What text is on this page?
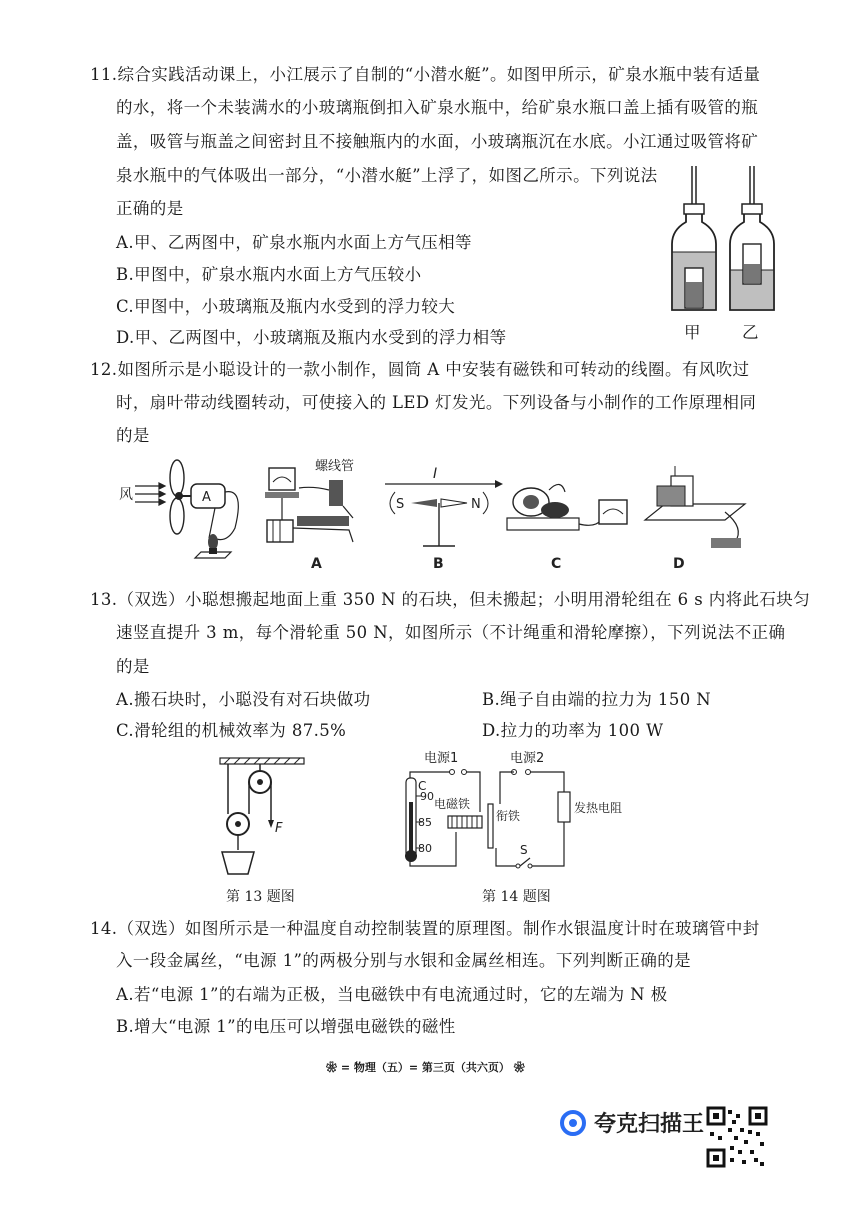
11.综合实践活动课上，小江展示了自制的“小潜水艇”。如图甲所示，矿泉水瓶中装有适量
的水，将一个未装满水的小玻璃瓶倒扣入矿泉水瓶中，给矿泉水瓶口盖上插有吸管的瓶
盖，吸管与瓶盖之间密封且不接触瓶内的水面，小玻璃瓶沉在水底。小江通过吸管将矿
泉水瓶中的气体吸出一部分，“小潜水艇”上浮了，如图乙所示。下列说法
正确的是
A.甲、乙两图中，矿泉水瓶内水面上方气压相等
B.甲图中，矿泉水瓶内水面上方气压较小
C.甲图中，小玻璃瓶及瓶内水受到的浮力较大
D.甲、乙两图中，小玻璃瓶及瓶内水受到的浮力相等	甲 乙
12.如图所示是小聪设计的一款小制作，圆筒 A 中安装有磁铁和可转动的线圈。有风吹过
时，扇叶带动线圈转动，可使接入的 LED 灯发光。下列设备与小制作的工作原理相同
的是
风	A
螺线管
A
I
S	N
B	C	D
13.（双选）小聪想搬起地面上重 350 N 的石块，但未搬起；小明用滑轮组在 6 s 内将此石块匀
速竖直提升 3 m，每个滑轮重 50 N，如图所示（不计绳重和滑轮摩擦），下列说法不正确
的是
A.搬石块时，小聪没有对石块做功	B.绳子自由端的拉力为 150 N
C.滑轮组的机械效率为 87.5%	D.拉力的功率为 100 W
F
第 13 题图
电源1	电源2
C
90
85
80
电磁铁
衔铁
发热电阻
S
第 14 题图
14.（双选）如图所示是一种温度自动控制装置的原理图。制作水银温度计时在玻璃管中封
入一段金属丝，“电源 1”的两极分别与水银和金属丝相连。下列判断正确的是
A.若“电源 1”的右端为正极，当电磁铁中有电流通过时，它的左端为 N 极
B.增大“电源 1”的电压可以增强电磁铁的磁性
❀ = 物理（五）= 第三页（共六页） ❀
夸克扫描王
